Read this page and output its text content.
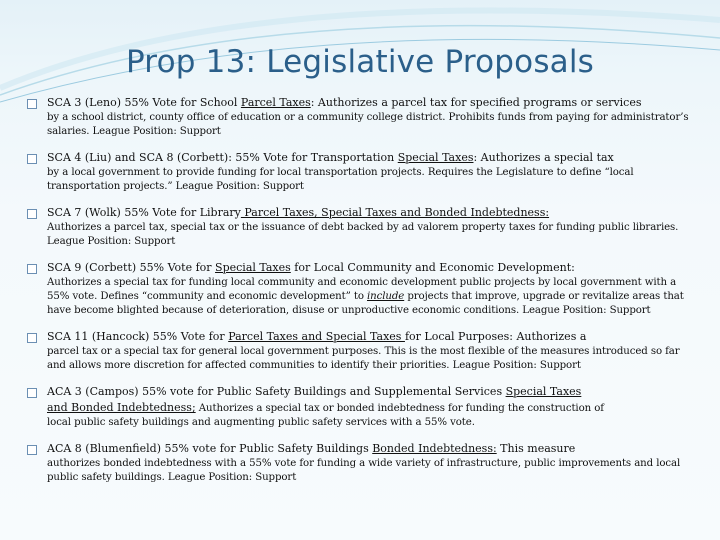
Prop 13: Legislative Proposals
SCA 3 (Leno) 55% Vote for School Parcel Taxes: Authorizes a parcel tax for specified programs or services
by a school district, county office of education or a community college district. Prohibits funds from paying for administrator’s salaries. League Position: Support
SCA 4 (Liu) and SCA 8 (Corbett): 55% Vote for Transportation Special Taxes: Authorizes a special tax
by a local government to provide funding for local transportation projects. Requires the Legislature to define “local transportation projects.” League Position: Support
SCA 7 (Wolk) 55% Vote for Library Parcel Taxes, Special Taxes and Bonded Indebtedness:
Authorizes a parcel tax, special tax or the issuance of debt backed by ad valorem property taxes for funding public libraries. League Position: Support
SCA 9 (Corbett) 55% Vote for Special Taxes for Local Community and Economic Development:
Authorizes a special tax for funding local community and economic development public projects by local government with a 55% vote. Defines “community and economic development” to include projects that improve, upgrade or revitalize areas that have become blighted because of deterioration, disuse or unproductive economic conditions. League Position: Support
SCA 11 (Hancock) 55% Vote for Parcel Taxes and Special Taxes for Local Purposes: Authorizes a
parcel tax or a special tax for general local government purposes. This is the most flexible of the measures introduced so far and allows more discretion for affected communities to identify their priorities. League Position: Support
ACA 3 (Campos) 55% vote for Public Safety Buildings and Supplemental Services Special Taxes
and Bonded Indebtedness; Authorizes a special tax or bonded indebtedness for funding the construction of
local public safety buildings and augmenting public safety services with a 55% vote.
ACA 8 (Blumenfield) 55% vote for Public Safety Buildings Bonded Indebtedness: This measure
authorizes bonded indebtedness with a 55% vote for funding a wide variety of infrastructure, public improvements and local public safety buildings. League Position: Support
